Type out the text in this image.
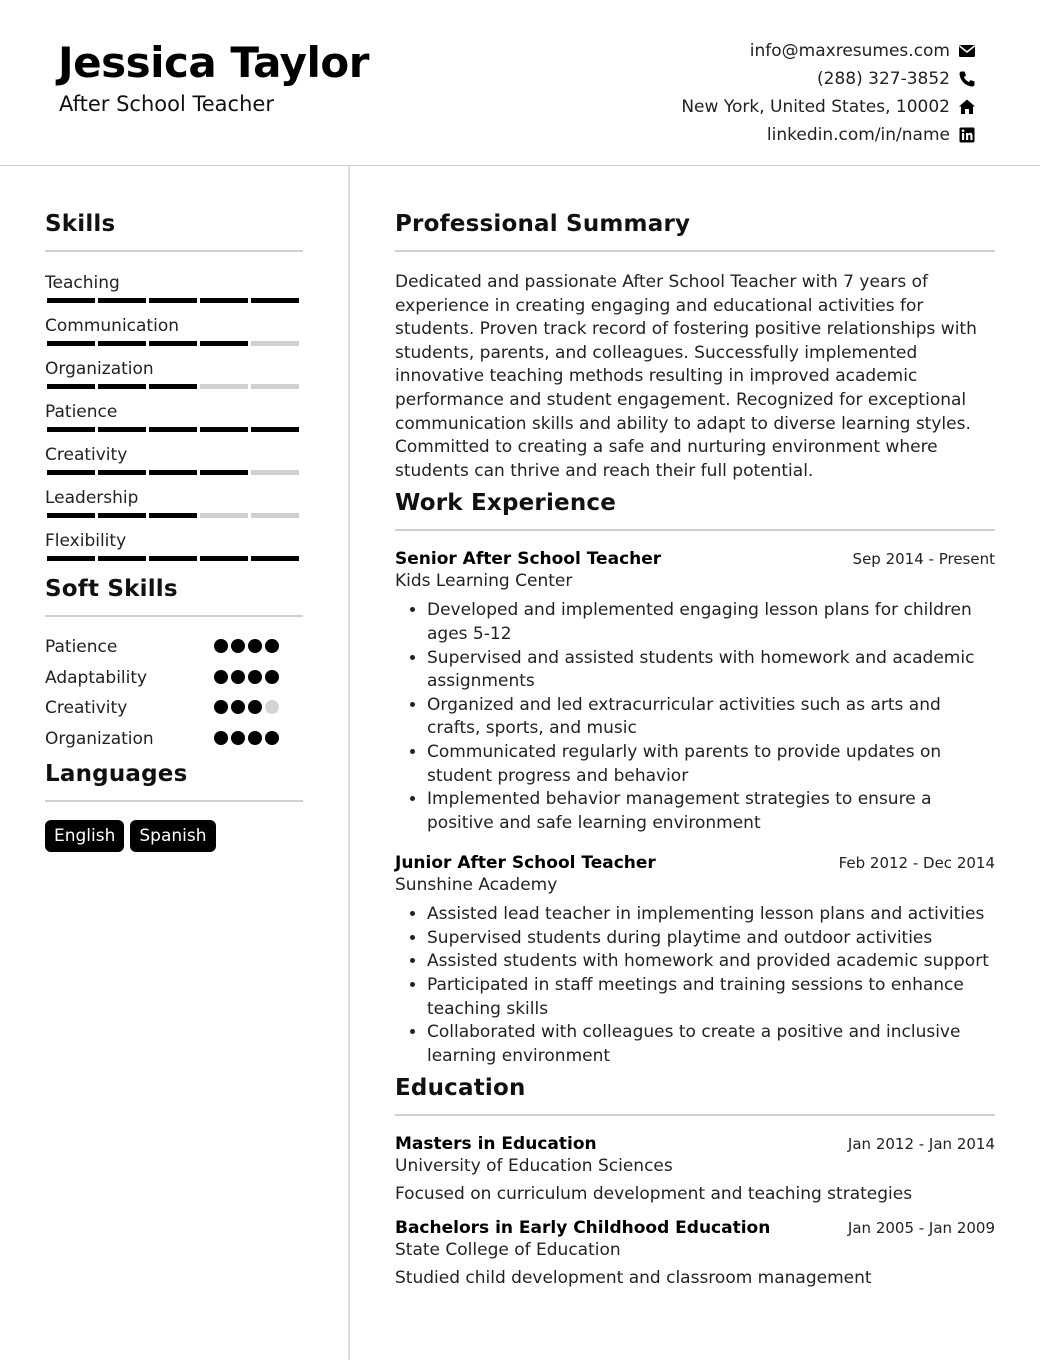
Jessica Taylor
After School Teacher
info@maxresumes.com
(288) 327-3852
New York, United States, 10002
linkedin.com/in/name
Skills
Teaching
Communication
Organization
Patience
Creativity
Leadership
Flexibility
Soft Skills
Patience
Adaptability
Creativity
Organization
Languages
English	Spanish
Professional Summary

Dedicated and passionate After School Teacher with 7 years of experience in creating engaging and educational activities for students. Proven track record of fostering positive relationships with students, parents, and colleagues. Successfully implemented innovative teaching methods resulting in improved academic performance and student engagement. Recognized for exceptional communication skills and ability to adapt to diverse learning styles. Committed to creating a safe and nurturing environment where students can thrive and reach their full potential.

Work Experience
Senior After School Teacher	Sep 2014 - Present
Kids Learning Center
• Developed and implemented engaging lesson plans for children ages 5-12
• Supervised and assisted students with homework and academic assignments
• Organized and led extracurricular activities such as arts and crafts, sports, and music
• Communicated regularly with parents to provide updates on student progress and behavior
• Implemented behavior management strategies to ensure a positive and safe learning environment
Junior After School Teacher	Feb 2012 - Dec 2014
Sunshine Academy
• Assisted lead teacher in implementing lesson plans and activities
• Supervised students during playtime and outdoor activities
• Assisted students with homework and provided academic support
• Participated in staff meetings and training sessions to enhance teaching skills
• Collaborated with colleagues to create a positive and inclusive learning environment
Education
Masters in Education	Jan 2012 - Jan 2014
University of Education Sciences
Focused on curriculum development and teaching strategies
Bachelors in Early Childhood Education	Jan 2005 - Jan 2009
State College of Education
Studied child development and classroom management
